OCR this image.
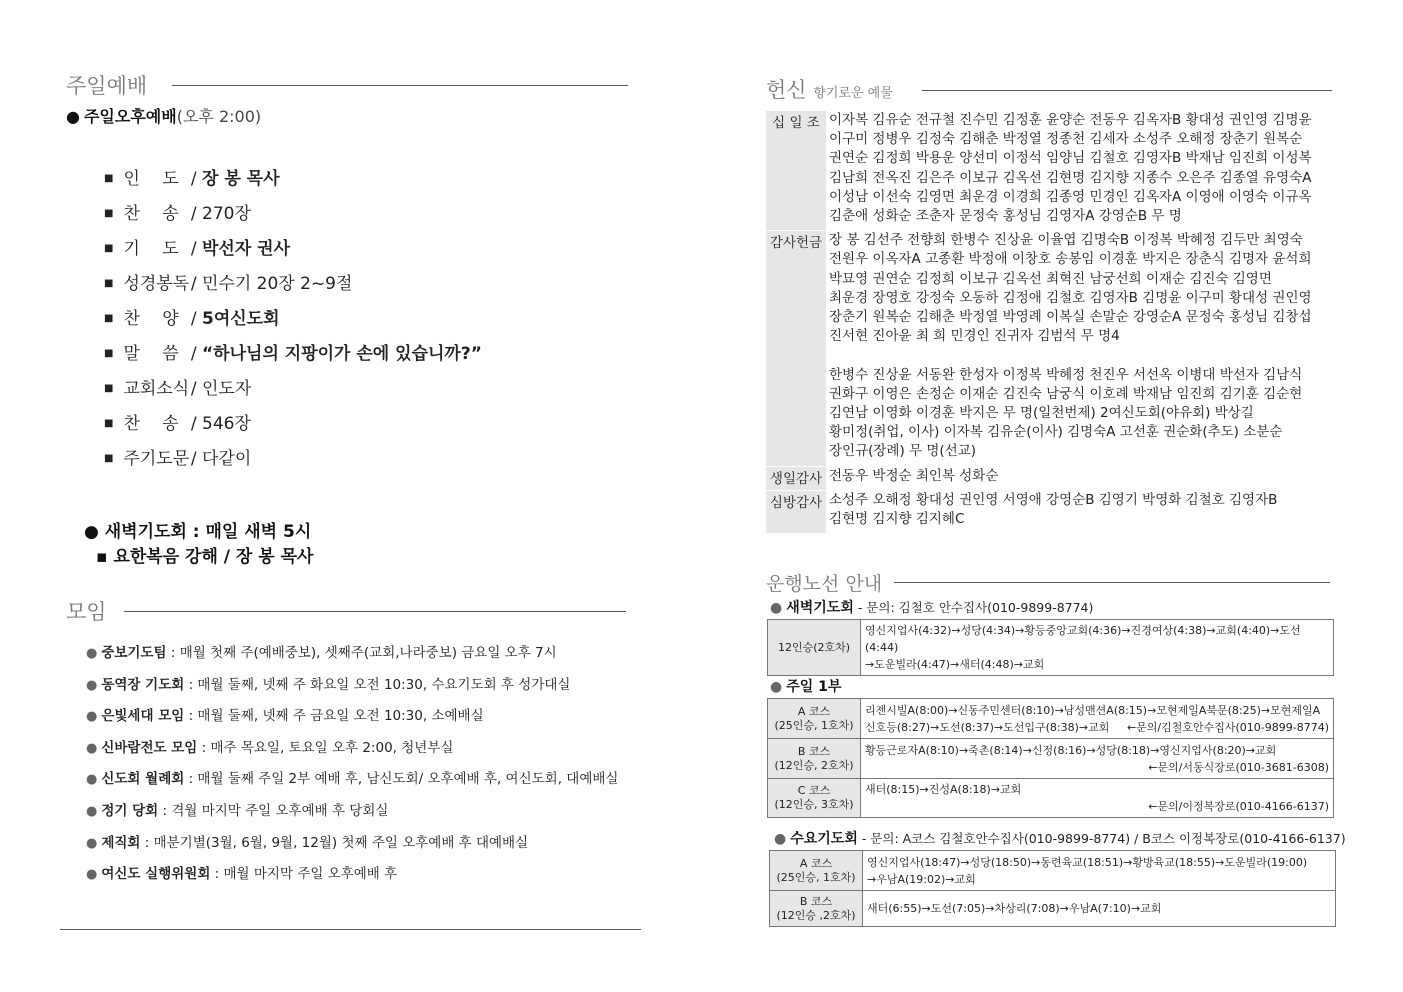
주일예배
● 주일오후예배(오후 2:00)
■ 인　 도 / 장 봉 목사
■ 찬　 송 / 270장
■ 기　 도 / 박선자 권사
■ 성경봉독 / 민수기 20장 2~9절
■ 찬　 양 / 5여신도회
■ 말　 씀 / “하나님의 지팡이가 손에 있습니까?”
■ 교회소식 / 인도자
■ 찬　 송 / 546장
■ 주기도문 / 다같이
● 새벽기도회 : 매일 새벽 5시
▪ 요한복음 강해 / 장 봉 목사
모임
● 중보기도팀 : 매월 첫째 주(예배중보), 셋째주(교회,나라중보) 금요일 오후 7시
● 동역장 기도회 : 매월 둘째, 넷째 주 화요일 오전 10:30, 수요기도회 후 성가대실
● 은빛세대 모임 : 매월 둘째, 넷째 주 금요일 오전 10:30, 소예배실
● 신바람전도 모임 : 매주 목요일, 토요일 오후 2:00, 청년부실
● 신도회 월례회 : 매월 둘째 주일 2부 예배 후, 남신도회/ 오후예배 후, 여신도회, 대예배실
● 정기 당회 : 격월 마지막 주일 오후예배 후 당회실
● 제직회 : 매분기별(3월, 6월, 9월, 12월) 첫째 주일 오후예배 후 대예배실
● 여신도 실행위원회 : 매월 마지막 주일 오후예배 후
헌신 향기로운 예물
십 일 조 이자복 김유순 전규철 진수민 김정훈 윤양순 전동우 김옥자B 황대성 권인영 김명윤
이구미 정병우 김정숙 김해춘 박정열 정종천 김세자 소성주 오해정 장춘기 원복순
권연순 김정희 박용운 양선미 이정석 임양님 김철호 김영자B 박재남 임진희 이성복
김남희 전옥진 김은주 이보규 김옥선 김현명 김지향 지종수 오은주 김종열 유영숙A
이성남 이선숙 김영면 최운경 이경희 김종영 민경인 김옥자A 이영애 이영숙 이규옥
김춘애 성화순 조춘자 문정숙 홍성님 김영자A 강영순B 무 명
감사헌금 장 봉 김선주 전향희 한병수 진상윤 이율엽 김명숙B 이정복 박혜정 김두만 최영숙
전원우 이옥자A 고종환 박정애 이창호 송봉임 이경훈 박지은 장춘식 김명자 윤석희
박묘영 권연순 김정희 이보규 김옥선 최혁진 남궁선희 이재순 김진숙 김영면
최운경 장영호 강정숙 오동하 김정애 김철호 김영자B 김명윤 이구미 황대성 권인영
장춘기 원복순 김해춘 박정열 박영례 이복실 손말순 강영순A 문정숙 홍성님 김창섭
진서현 진아윤 최 희 민경인 진귀자 김범석 무 명4
한병수 진상윤 서동완 한성자 이정복 박혜정 천진우 서선옥 이병대 박선자 김남식
권화구 이영은 손정순 이재순 김진숙 남궁식 이호례 박재남 임진희 김기훈 김순현
김연남 이영화 이경훈 박지은 무 명(일천번제) 2여신도회(야유회) 박상길
황미정(취업, 이사) 이자복 김유순(이사) 김명숙A 고선훈 권순화(추도) 소분순
장인규(장례) 무 명(선교)
생일감사 전동우 박정순 최인복 성화순
심방감사 소성주 오해정 황대성 권인영 서영애 강영순B 김영기 박영화 김철호 김영자B
김현명 김지향 김지혜C
운행노선 안내
● 새벽기도회 - 문의: 김철호 안수집사(010-9899-8774)
12인승(2호차)	
영신지업사(4:32)→성당(4:34)→황등중앙교회(4:36)→진경여상(4:38)→교회(4:40)→도선(4:44)
→도운빌라(4:47)→새터(4:48)→교회
● 주일 1부
A 코스
(25인승, 1호차)	리젠시빌A(8:00)→신동주민센터(8:10)→남성맨션A(8:15)→모현제일A북문(8:25)→모현제일A
신호등(8:27)→도선(8:37)→도선입구(8:38)→교회 ←문의/김철호안수집사(010-9899-8774)

B 코스
(12인승, 2호차)	황등근로자A(8:10)→죽촌(8:14)→신정(8:16)→성당(8:18)→영신지업사(8:20)→교회
←문의/서동식장로(010-3681-6308)

C 코스
(12인승, 3호차)	새터(8:15)→진성A(8:18)→교회
←문의/이정복장로(010-4166-6137)
● 수요기도회 - 문의: A코스 김철호안수집사(010-9899-8774) / B코스 이정복장로(010-4166-6137)
A 코스
(25인승, 1호차)	영신지업사(18:47)→성당(18:50)→동련육교(18:51)→황방육교(18:55)→도운빌라(19:00)
→우남A(19:02)→교회

B 코스
(12인승 ,2호차)	새터(6:55)→도선(7:05)→차상리(7:08)→우남A(7:10)→교회
